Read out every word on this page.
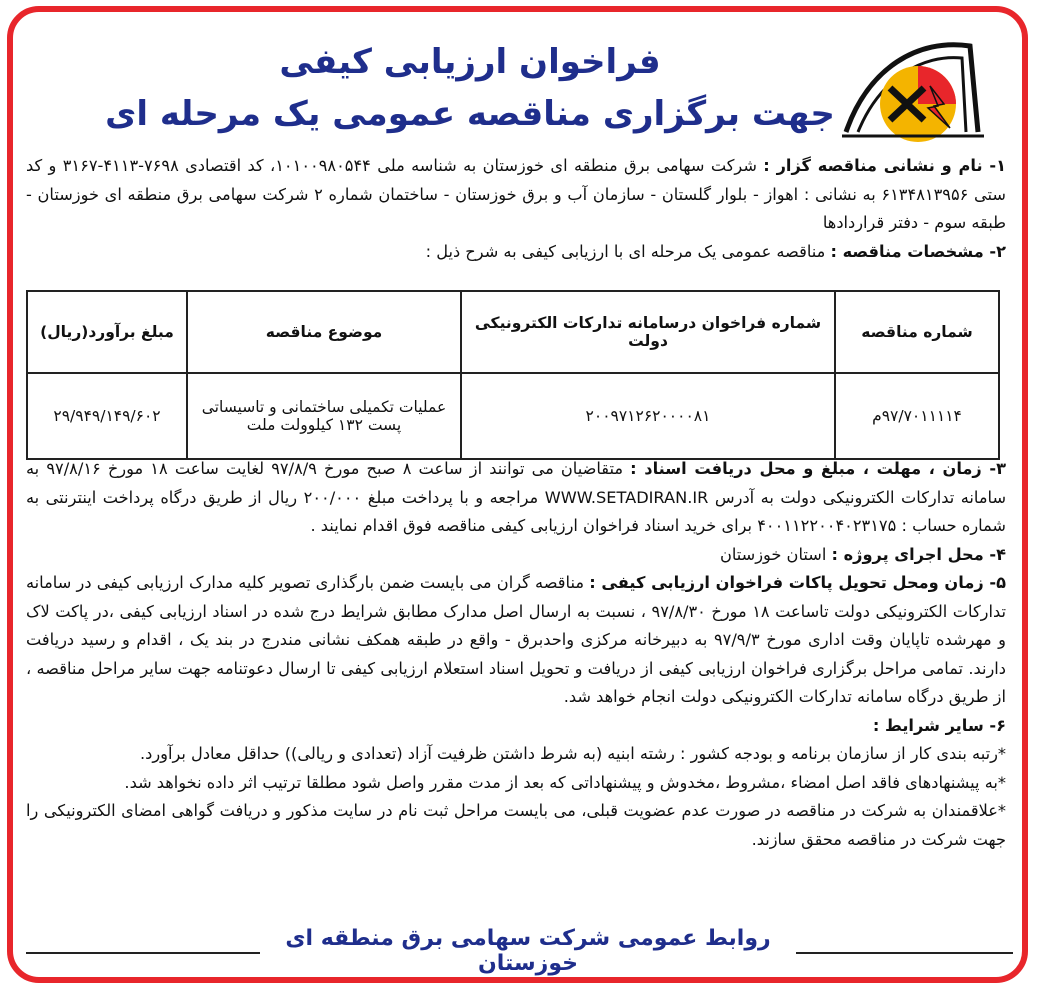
فراخوان ارزیابی کیفی
جهت برگزاری مناقصه عمومی یک مرحله ای

۱- نام و نشانی مناقصه گزار : شرکت سهامی برق منطقه ای خوزستان به شناسه ملی ۱۰۱۰۰۹۸۰۵۴۴، کد اقتصادی ۷۶۹۸-۴۱۱۳-۳۱۶۷ و کد ستی ۶۱۳۴۸۱۳۹۵۶ به نشانی : اهواز - بلوار گلستان - سازمان آب و برق خوزستان - ساختمان شماره ۲ شرکت سهامی برق منطقه ای خوزستان - طبقه سوم - دفتر قراردادها

۲- مشخصات مناقصه : مناقصه عمومی یک مرحله ای با ارزیابی کیفی به شرح ذیل :

شماره مناقصه	شماره فراخوان درسامانه تدارکات الکترونیکی دولت	موضوع مناقصه	مبلغ برآورد(ریال)
۹۷/۷۰۱۱۱۱۴م	۲۰۰۹۷۱۲۶۲۰۰۰۰۸۱	عملیات تکمیلی ساختمانی و تاسیساتی پست ۱۳۲ کیلوولت ملت	۲۹/۹۴۹/۱۴۹/۶۰۲

۳- زمان ، مهلت ، مبلغ و محل دریافت اسناد : متقاضیان می توانند از ساعت ۸ صبح مورخ ۹۷/۸/۹ لغایت ساعت ۱۸ مورخ ۹۷/۸/۱۶ به سامانه تدارکات الکترونیکی دولت به آدرس WWW.SETADIRAN.IR مراجعه و با پرداخت مبلغ ۲۰۰/۰۰۰ ریال از طریق درگاه پرداخت اینترنتی به شماره حساب : ۴۰۰۱۱۲۲۰۰۴۰۲۳۱۷۵ برای خرید اسناد فراخوان ارزیابی کیفی مناقصه فوق اقدام نمایند .

۴- محل اجرای پروژه : استان خوزستان

۵- زمان ومحل تحویل پاکات فراخوان ارزیابی کیفی : مناقصه گران می بایست ضمن بارگذاری تصویر کلیه مدارک ارزیابی کیفی در سامانه تدارکات الکترونیکی دولت تاساعت ۱۸ مورخ ۹۷/۸/۳۰ ، نسبت به ارسال اصل مدارک مطابق شرایط درج شده در اسناد ارزیابی کیفی ،در پاکت لاک و مهرشده تاپایان وقت اداری مورخ ۹۷/۹/۳ به دبیرخانه مرکزی واحدبرق - واقع در طبقه همکف نشانی مندرج در بند یک ، اقدام و رسید دریافت دارند. تمامی مراحل برگزاری فراخوان ارزیابی کیفی از دریافت و تحویل اسناد استعلام ارزیابی کیفی تا ارسال دعوتنامه جهت سایر مراحل مناقصه ، از طریق درگاه سامانه تدارکات الکترونیکی دولت انجام خواهد شد.

۶- سایر شرایط :

*رتبه بندی کار از سازمان برنامه و بودجه کشور : رشته ابنیه (به شرط داشتن ظرفیت آزاد (تعدادی و ریالی)) حداقل معادل برآورد.

*به پیشنهادهای فاقد اصل امضاء ،مشروط ،مخدوش و پیشنهاداتی که بعد از مدت مقرر واصل شود مطلقا ترتیب اثر داده نخواهد شد.

*علاقمندان به شرکت در مناقصه در صورت عدم عضویت قبلی، می بایست مراحل ثبت نام در سایت مذکور و دریافت گواهی امضای الکترونیکی را جهت شرکت در مناقصه محقق سازند.

روابط عمومی شرکت سهامی برق منطقه ای خوزستان
